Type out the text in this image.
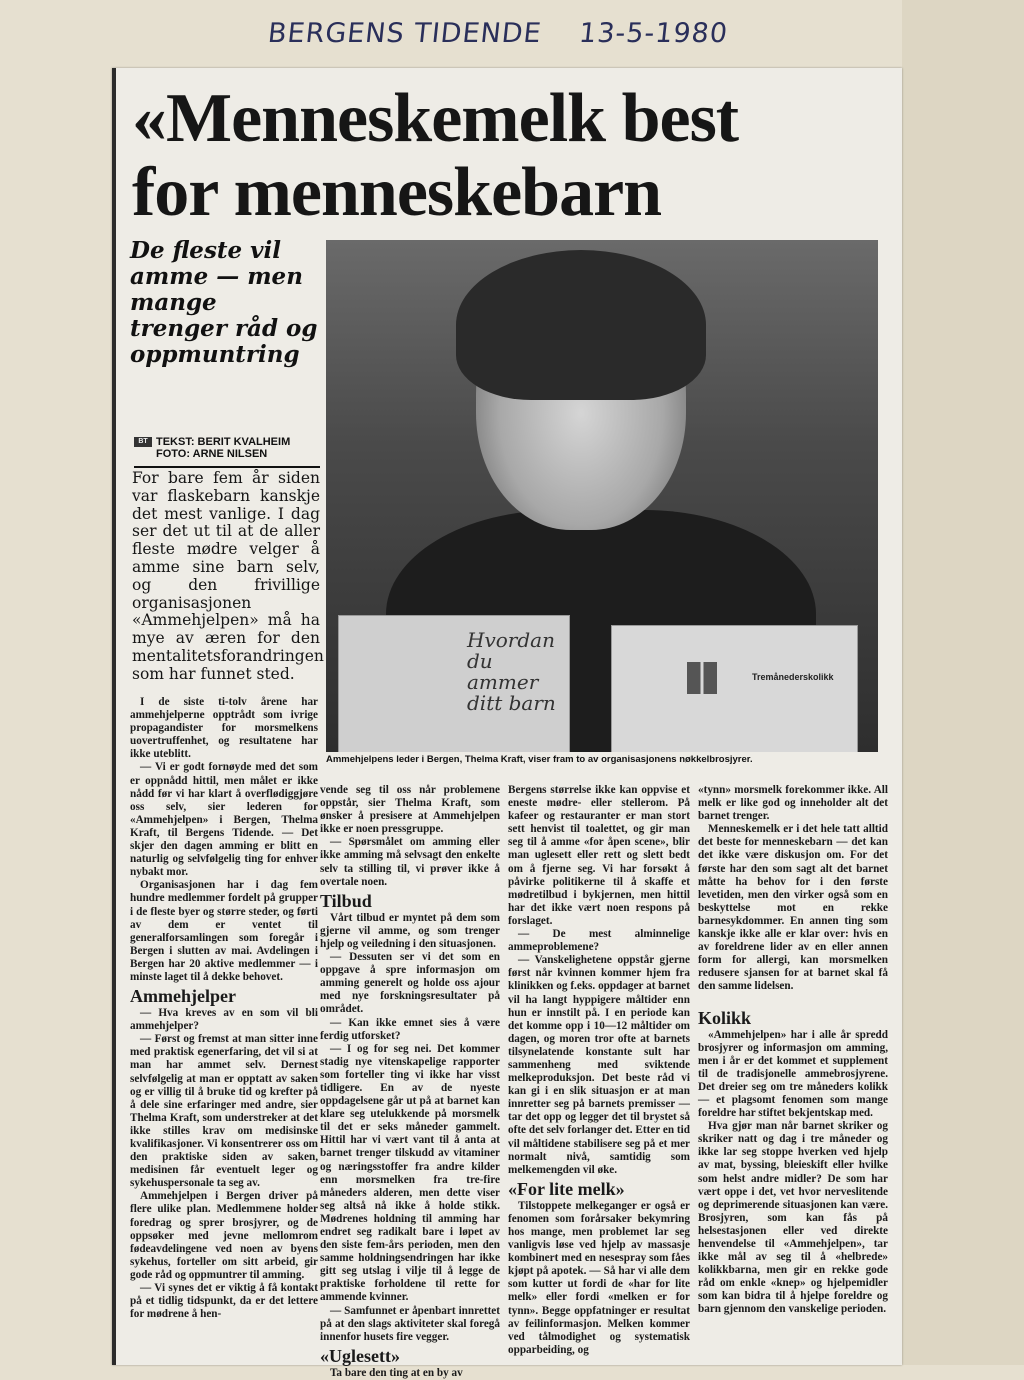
BERGENS TIDENDE 13-5-1980
«Menneskemelk best
for menneskebarn
De fleste vil amme — men mange trenger råd og oppmuntring
BT TEKST: BERIT KVALHEIM
FOTO: ARNE NILSEN
For bare fem år siden var flaskebarn kanskje det mest vanlige. I dag ser det ut til at de aller fleste mødre velger å amme sine barn selv, og den frivillige organisasjonen «Ammehjelpen» må ha mye av æren for den mentalitetsforandringen som har funnet sted.
Hvordan du ammer ditt barn
Tremånederskolikk
Ammehjelpens leder i Bergen, Thelma Kraft, viser fram to av organisasjonens nøkkelbrosjyrer.

I de siste ti-tolv årene har ammehjelperne opptrådt som ivrige propagandister for morsmelkens uovertruffenhet, og resultatene har ikke uteblitt.

— Vi er godt fornøyde med det som er oppnådd hittil, men målet er ikke nådd før vi har klart å overflødiggjøre oss selv, sier lederen for «Ammehjelpen» i Bergen, Thelma Kraft, til Bergens Tidende. — Det skjer den dagen amming er blitt en naturlig og selvfølgelig ting for enhver nybakt mor.

Organisasjonen har i dag fem hundre medlemmer fordelt på grupper i de fleste byer og større steder, og førti av dem er ventet til generalforsamlingen som foregår i Bergen i slutten av mai. Avdelingen i Bergen har 20 aktive medlemmer — i minste laget til å dekke behovet.

Ammehjelper

— Hva kreves av en som vil bli ammehjelper?

— Først og fremst at man sitter inne med praktisk egenerfaring, det vil si at man har ammet selv. Dernest selvfølgelig at man er opptatt av saken og er villig til å bruke tid og krefter på å dele sine erfaringer med andre, sier Thelma Kraft, som understreker at det ikke stilles krav om medisinske kvalifikasjoner. Vi konsentrerer oss om den praktiske siden av saken, medisinen får eventuelt leger og sykehuspersonale ta seg av.

Ammehjelpen i Bergen driver på flere ulike plan. Medlemmene holder foredrag og sprer brosjyrer, og de oppsøker med jevne mellomrom fødeavdelingene ved noen av byens sykehus, forteller om sitt arbeid, gir gode råd og oppmuntrer til amming.

— Vi synes det er viktig å få kontakt på et tidlig tidspunkt, da er det lettere for mødrene å hen-

vende seg til oss når problemene oppstår, sier Thelma Kraft, som ønsker å presisere at Ammehjelpen ikke er noen pressgruppe.

— Spørsmålet om amming eller ikke amming må selvsagt den enkelte selv ta stilling til, vi prøver ikke å overtale noen.

Tilbud

Vårt tilbud er myntet på dem som gjerne vil amme, og som trenger hjelp og veiledning i den situasjonen.

— Dessuten ser vi det som en oppgave å spre informasjon om amming generelt og holde oss ajour med nye forskningsresultater på området.

— Kan ikke emnet sies å være ferdig utforsket?

— I og for seg nei. Det kommer stadig nye vitenskapelige rapporter som forteller ting vi ikke har visst tidligere. En av de nyeste oppdagelsene går ut på at barnet kan klare seg utelukkende på morsmelk til det er seks måneder gammelt. Hittil har vi vært vant til å anta at barnet trenger tilskudd av vitaminer og næringsstoffer fra andre kilder enn morsmelken fra tre-fire måneders alderen, men dette viser seg altså nå ikke å holde stikk. Mødrenes holdning til amming har endret seg radikalt bare i løpet av den siste fem-års perioden, men den samme holdningsendringen har ikke gitt seg utslag i vilje til å legge de praktiske forholdene til rette for ammende kvinner.

— Samfunnet er åpenbart innrettet på at den slags aktiviteter skal foregå innenfor husets fire vegger.

«Uglesett»

Ta bare den ting at en by av

Bergens størrelse ikke kan oppvise et eneste mødre- eller stellerom. På kafeer og restauranter er man stort sett henvist til toalettet, og gir man seg til å amme «for åpen scene», blir man uglesett eller rett og slett bedt om å fjerne seg. Vi har forsøkt å påvirke politikerne til å skaffe et mødretilbud i bykjernen, men hittil har det ikke vært noen respons på forslaget.

— De mest alminnelige ammeproblemene?

— Vanskelighetene oppstår gjerne først når kvinnen kommer hjem fra klinikken og f.eks. oppdager at barnet vil ha langt hyppigere måltider enn hun er innstilt på. I en periode kan det komme opp i 10—12 måltider om dagen, og moren tror ofte at barnets tilsynelatende konstante sult har sammenheng med sviktende melkeproduksjon. Det beste råd vi kan gi i en slik situasjon er at man innretter seg på barnets premisser — tar det opp og legger det til brystet så ofte det selv forlanger det. Etter en tid vil måltidene stabilisere seg på et mer normalt nivå, samtidig som melkemengden vil øke.

«For lite melk»

Tilstoppete melkeganger er også er fenomen som forårsaker bekymring hos mange, men problemet lar seg vanligvis løse ved hjelp av massasje kombinert med en nesespray som fåes kjøpt på apotek. — Så har vi alle dem som kutter ut fordi de «har for lite melk» eller fordi «melken er for tynn». Begge oppfatninger er resultat av feilinformasjon. Melken kommer ved tålmodighet og systematisk opparbeiding, og

«tynn» morsmelk forekommer ikke. All melk er like god og inneholder alt det barnet trenger.

Menneskemelk er i det hele tatt alltid det beste for menneskebarn — det kan det ikke være diskusjon om. For det første har den som sagt alt det barnet måtte ha behov for i den første levetiden, men den virker også som en beskyttelse mot en rekke barnesykdommer. En annen ting som kanskje ikke alle er klar over: hvis en av foreldrene lider av en eller annen form for allergi, kan morsmelken redusere sjansen for at barnet skal få den samme lidelsen.

Kolikk

«Ammehjelpen» har i alle år spredd brosjyrer og informasjon om amming, men i år er det kommet et supplement til de tradisjonelle ammebrosjyrene. Det dreier seg om tre måneders kolikk — et plagsomt fenomen som mange foreldre har stiftet bekjentskap med.

Hva gjør man når barnet skriker og skriker natt og dag i tre måneder og ikke lar seg stoppe hverken ved hjelp av mat, byssing, bleieskift eller hvilke som helst andre midler? De som har vært oppe i det, vet hvor nerveslitende og deprimerende situasjonen kan være. Brosjyren, som kan fås på helsestasjonen eller ved direkte henvendelse til «Ammehjelpen», tar ikke mål av seg til å «helbrede» kolikkbarna, men gir en rekke gode råd om enkle «knep» og hjelpemidler som kan bidra til å hjelpe foreldre og barn gjennom den vanskelige perioden.
